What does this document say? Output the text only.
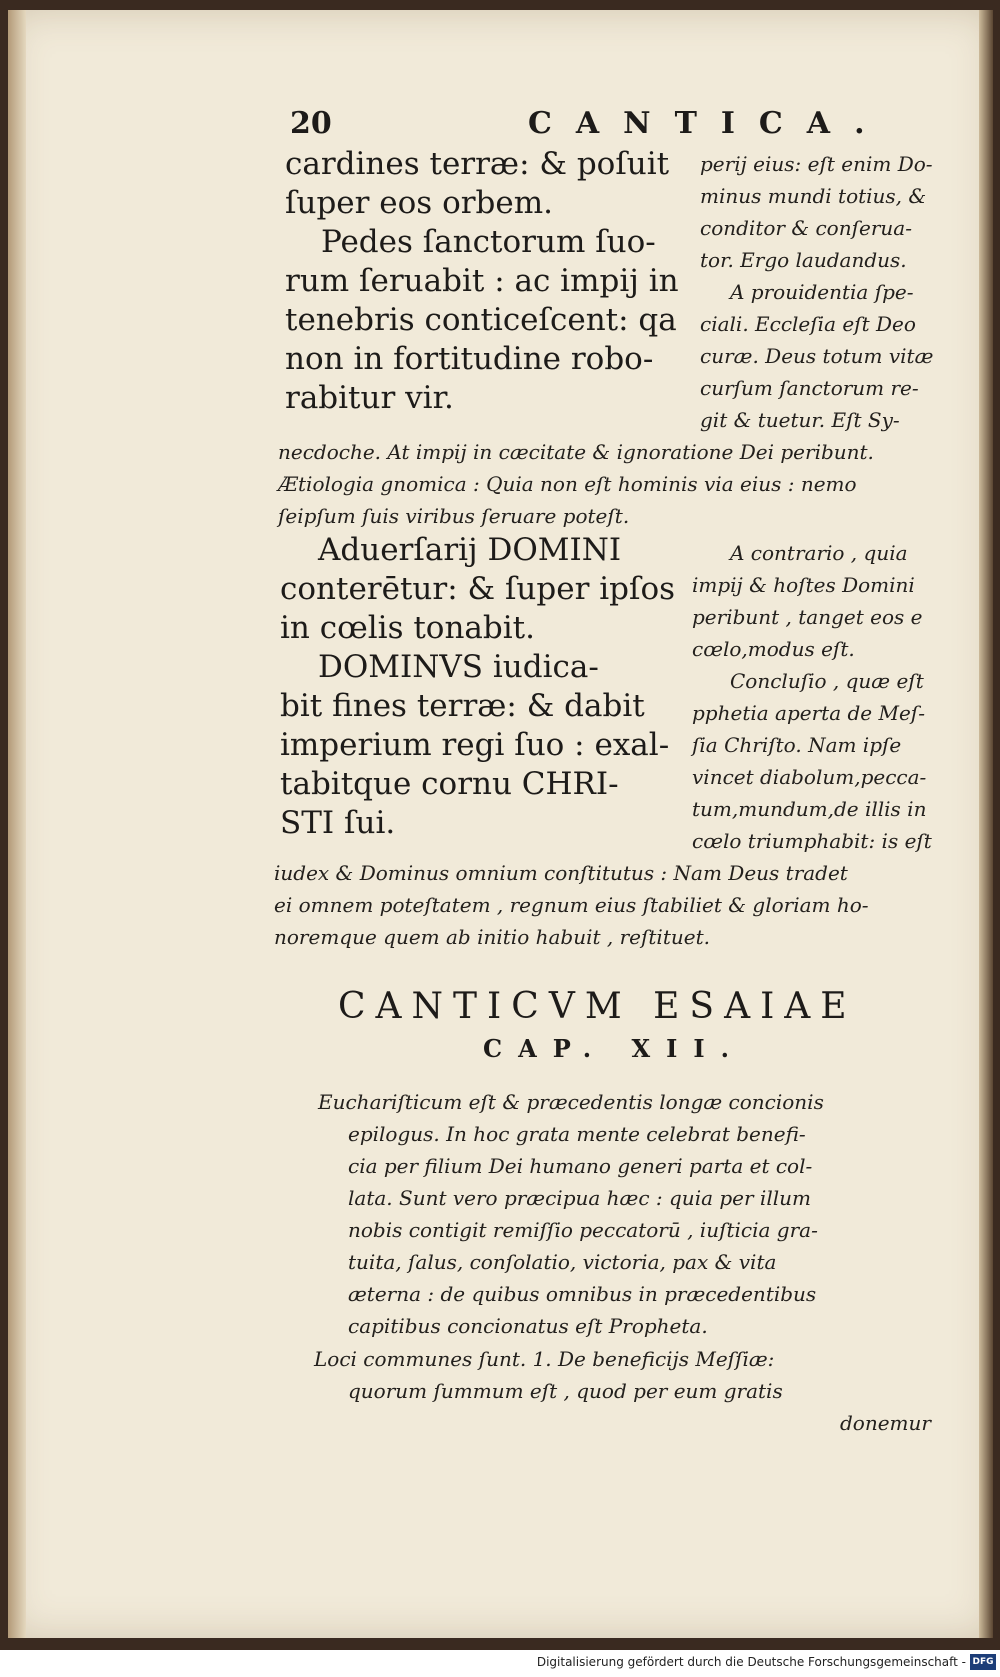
20	CANTICA.
cardines terræ: & poſuit
ſuper eos orbem.
Pedes ſanctorum ſuo-
rum ſeruabit : ac impij in
tenebris conticeſcent: qa
non in fortitudine robo-
rabitur vir.
perij eius: eſt enim Do-
minus mundi totius, &
conditor & conſerua-
tor. Ergo laudandus.
A prouidentia ſpe-
ciali. Eccleſia eſt Deo
curæ. Deus totum vitæ
curſum ſanctorum re-
git & tuetur. Eſt Sy-
necdoche. At impij in cæcitate & ignoratione Dei peribunt.
Ætiologia gnomica : Quia non eſt hominis via eius : nemo
ſeipſum ſuis viribus ſeruare poteſt.
Aduerſarij DOMINI
conterētur: & ſuper ipſos
in cœlis tonabit.
DOMINVS iudica-
bit fines terræ: & dabit
imperium regi ſuo : exal-
tabitque cornu CHRI-
STI ſui.
A contrario , quia
impij & hoſtes Domini
peribunt , tanget eos e
cœlo,modus eſt.
Concluſio , quæ eſt
pphetia aperta de Meſ-
ſia Chriſto. Nam ipſe
vincet diabolum,pecca-
tum,mundum,de illis in
cœlo triumphabit: is eſt
iudex & Dominus omnium conſtitutus : Nam Deus tradet
ei omnem poteſtatem , regnum eius ſtabiliet & gloriam ho-
noremque quem ab initio habuit , reſtituet.
CANTICVM ESAIAE
CAP. XII.
Euchariſticum eſt & præcedentis longæ concionis
epilogus. In hoc grata mente celebrat benefi-
cia per filium Dei humano generi parta et col-
lata. Sunt vero præcipua hæc : quia per illum
nobis contigit remiſſio peccatorū , iuſticia gra-
tuita, ſalus, conſolatio, victoria, pax & vita
æterna : de quibus omnibus in præcedentibus
capitibus concionatus eſt Propheta.
Loci communes ſunt. 1. De beneficijs Meſſiæ:
quorum ſummum eſt , quod per eum gratis
donemur
Digitalisierung gefördert durch die Deutsche Forschungsgemeinschaft - DFG
